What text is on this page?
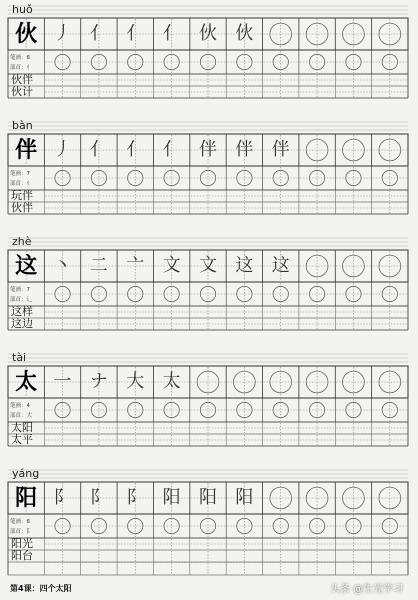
huǒ
伙 丿	亻	亻	亻	伙	伙
笔画：6
部首：亻
伙伴
伙计
bàn
伴 丿	亻	亻	亻	伴	伴	伴
笔画：7
部首：亻
玩伴
伙伴
zhè
这 丶	二	亠	文	文	这	这
笔画：7
部首：辶
这样
这边
tài
太 一	ナ	大	太
笔画：4
部首：大
太阳
太平
yáng
阳 阝	阝	阝	阳	阳	阳
笔画：6
部首：阝
阳光
阳台
第4课：四个太阳	头条 @生光学习
